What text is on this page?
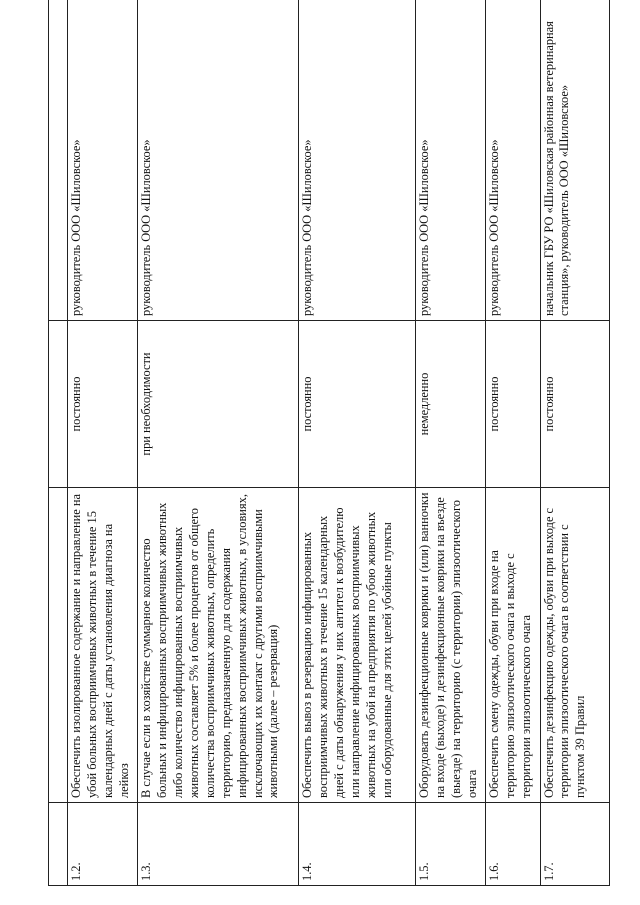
1.2.	Обеспечить изолированное содержание и направление на убой больных восприимчивых животных в течение 15 календарных дней с даты установления диагноза на лейкоз	постоянно	руководитель ООО «Шиловское»
1.3.	В случае если в хозяйстве суммарное количество больных и инфицированных восприимчивых животных либо количество инфицированных восприимчивых животных составляет 5% и более процентов от общего количества восприимчивых животных, определить территорию, предназначенную для содержания инфицированных восприимчивых животных, в условиях, исключающих их контакт с другими восприимчивыми животными (далее – резервация)	при необходимости	руководитель ООО «Шиловское»
1.4.	Обеспечить вывоз в резервацию инфицированных восприимчивых животных в течение 15 календарных дней с даты обнаружения у них антител к возбудителю или направление инфицированных восприимчивых животных на убой на предприятия по убою животных или оборудованные для этих целей убойные пункты	постоянно	руководитель ООО «Шиловское»
1.5.	Оборудовать дезинфекционные коврики и (или) ванночки на входе (выходе) и дезинфекционные коврики на въезде (выезде) на территорию (с территории) эпизоотического очага	немедленно	руководитель ООО «Шиловское»
1.6.	Обеспечить смену одежды, обуви при входе на территорию эпизоотического очага и выходе с территории эпизоотического очага	постоянно	руководитель ООО «Шиловское»
1.7.	Обеспечить дезинфекцию одежды, обуви при выходе с территории эпизоотического очага в соответствии с пунктом 39 Правил	постоянно	начальник ГБУ РО «Шиловская районная ветеринарная станция», руководитель ООО «Шиловское»
